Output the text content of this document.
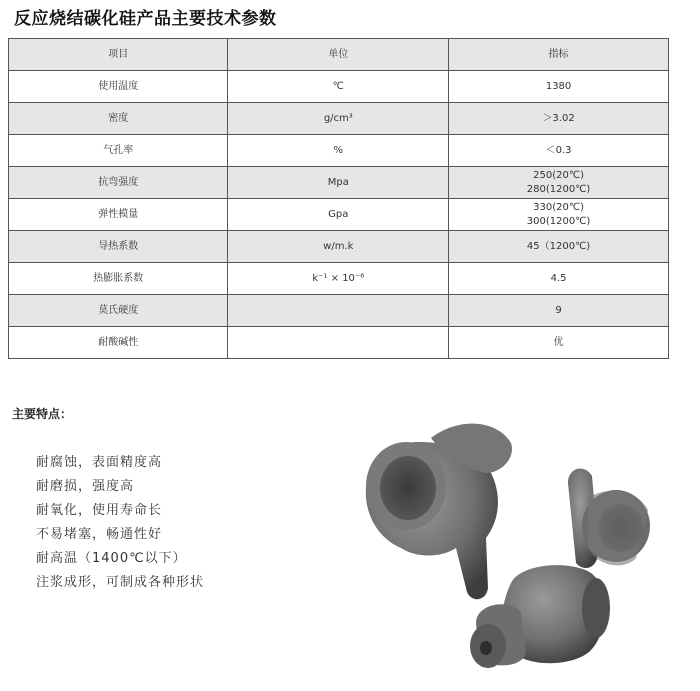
反应烧结碳化硅产品主要技术参数
项目	单位	指标
使用温度	℃	1380

密度	g/cm³	＞3.02

气孔率	%	＜0.3

抗弯强度	Mpa	250(20℃)
280(1200℃)

弹性模量	Gpa	330(20℃)
300(1200℃)

导热系数	w/m.k	45（1200℃)

热膨胀系数	k⁻¹ × 10⁻⁶	4.5

莫氏硬度		9

耐酸碱性		优
主要特点：
耐腐蚀，表面精度高
耐磨损，强度高
耐氧化，使用寿命长
不易堵塞，畅通性好
耐高温（1400℃以下）
注浆成形，可制成各种形状
